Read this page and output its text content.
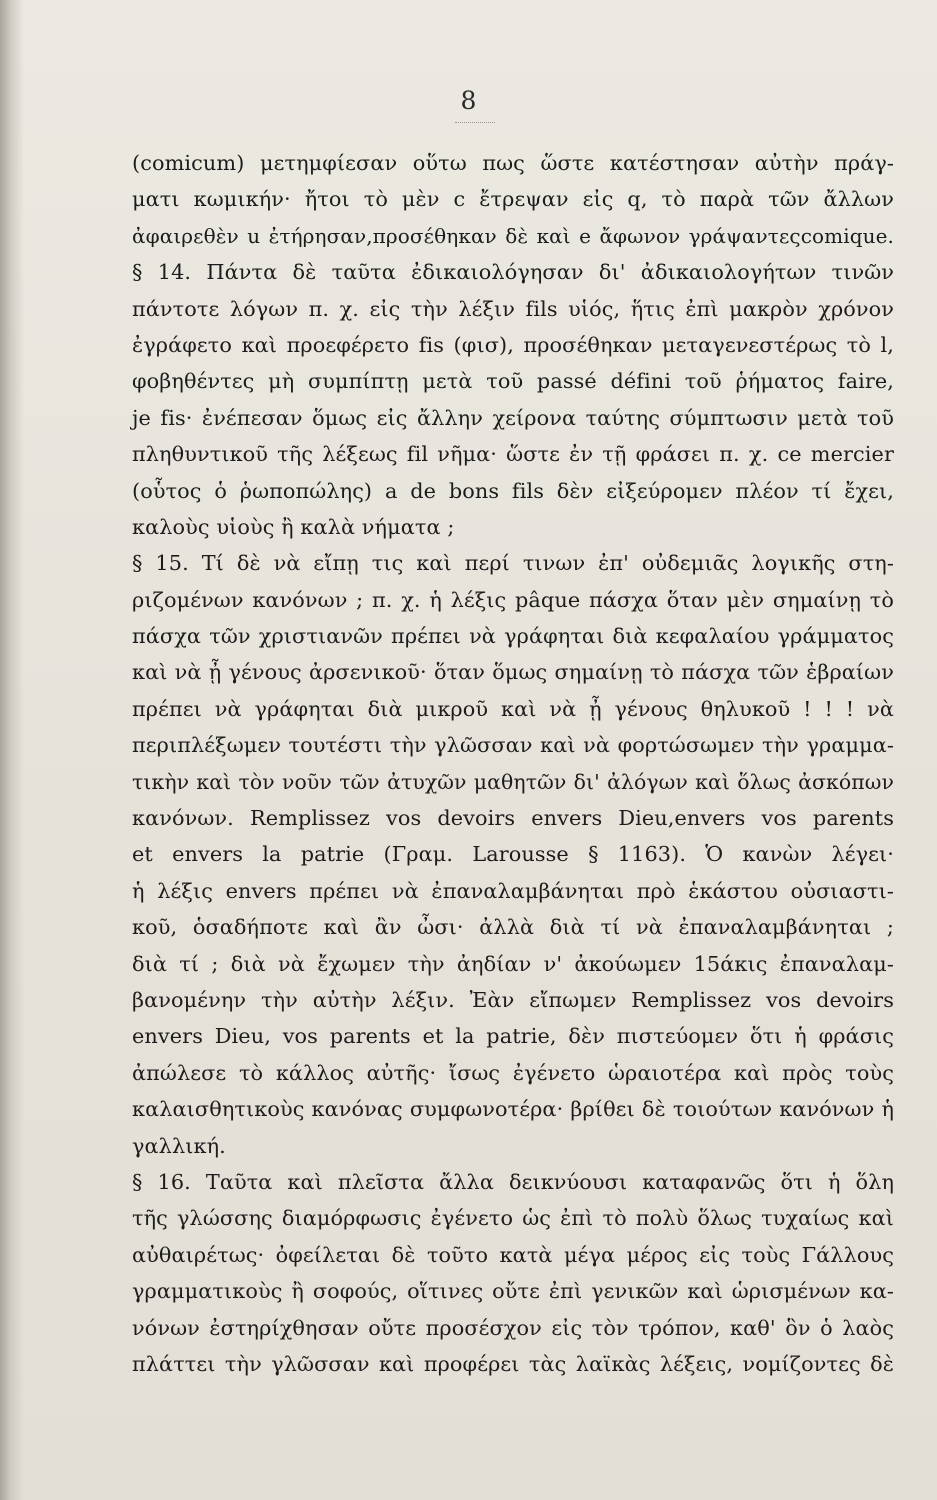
8
(comicum) μετημφίεσαν οὕτω πως ὥστε κατέστησαν αὐτὴν πράγ-
ματι κωμικήν· ἤτοι τὸ μὲν c ἔτρεψαν εἰς q, τὸ παρὰ τῶν ἄλλων
ἀφαιρεθὲν u ἐτήρησαν,προσέθηκαν δὲ καὶ e ἄφωνον γράψαντεςcomique.
§ 14. Πάντα δὲ ταῦτα ἐδικαιολόγησαν δι' ἀδικαιολογήτων τινῶν
πάντοτε λόγων π. χ. εἰς τὴν λέξιν fils υἱός, ἥτις ἐπὶ μακρὸν χρόνον
ἐγράφετο καὶ προεφέρετο fis (φισ), προσέθηκαν μεταγενεστέρως τὸ l,
φοβηθέντες μὴ συμπίπτῃ μετὰ τοῦ passé défini τοῦ ῥήματος faire,
je fis· ἐνέπεσαν ὅμως εἰς ἄλλην χείρονα ταύτης σύμπτωσιν μετὰ τοῦ
πληθυντικοῦ τῆς λέξεως fil νῆμα· ὥστε ἐν τῇ φράσει π. χ. ce mercier
(οὗτος ὁ ῥωποπώλης) a de bons fils δὲν εἰξεύρομεν πλέον τί ἔχει,
καλοὺς υἱοὺς ἢ καλὰ νήματα ;
§ 15. Τί δὲ νὰ εἴπῃ τις καὶ περί τινων ἐπ' οὐδεμιᾶς λογικῆς στη-
ριζομένων κανόνων ; π. χ. ἡ λέξις pâque πάσχα ὅταν μὲν σημαίνῃ τὸ
πάσχα τῶν χριστιανῶν πρέπει νὰ γράφηται διὰ κεφαλαίου γράμματος
καὶ νὰ ᾖ γένους ἀρσενικοῦ· ὅταν ὅμως σημαίνῃ τὸ πάσχα τῶν ἑβραίων
πρέπει νὰ γράφηται διὰ μικροῦ καὶ νὰ ᾖ γένους θηλυκοῦ ! ! ! νὰ
περιπλέξωμεν τουτέστι τὴν γλῶσσαν καὶ νὰ φορτώσωμεν τὴν γραμμα-
τικὴν καὶ τὸν νοῦν τῶν ἀτυχῶν μαθητῶν δι' ἀλόγων καὶ ὅλως ἀσκόπων
κανόνων. Remplissez vos devoirs envers Dieu,envers vos parents
et envers la patrie (Γραμ. Larousse § 1163). Ὁ κανὼν λέγει·
ἡ λέξις envers πρέπει νὰ ἐπαναλαμβάνηται πρὸ ἑκάστου οὐσιαστι-
κοῦ, ὁσαδήποτε καὶ ἂν ὦσι· ἀλλὰ διὰ τί νὰ ἐπαναλαμβάνηται ;
διὰ τί ; διὰ νὰ ἔχωμεν τὴν ἀηδίαν ν' ἀκούωμεν 15άκις ἐπαναλαμ-
βανομένην τὴν αὐτὴν λέξιν. Ἐὰν εἴπωμεν Remplissez vos devoirs
envers Dieu, vos parents et la patrie, δὲν πιστεύομεν ὅτι ἡ φράσις
ἀπώλεσε τὸ κάλλος αὐτῆς· ἴσως ἐγένετο ὡραιοτέρα καὶ πρὸς τοὺς
καλαισθητικοὺς κανόνας συμφωνοτέρα· βρίθει δὲ τοιούτων κανόνων ἡ
γαλλική.
§ 16. Ταῦτα καὶ πλεῖστα ἄλλα δεικνύουσι καταφανῶς ὅτι ἡ ὅλη
τῆς γλώσσης διαμόρφωσις ἐγένετο ὡς ἐπὶ τὸ πολὺ ὅλως τυχαίως καὶ
αὐθαιρέτως· ὀφείλεται δὲ τοῦτο κατὰ μέγα μέρος εἰς τοὺς Γάλλους
γραμματικοὺς ἢ σοφούς, οἵτινες οὔτε ἐπὶ γενικῶν καὶ ὡρισμένων κα-
νόνων ἐστηρίχθησαν οὔτε προσέσχον εἰς τὸν τρόπον, καθ' ὃν ὁ λαὸς
πλάττει τὴν γλῶσσαν καὶ προφέρει τὰς λαϊκὰς λέξεις, νομίζοντες δὲ
